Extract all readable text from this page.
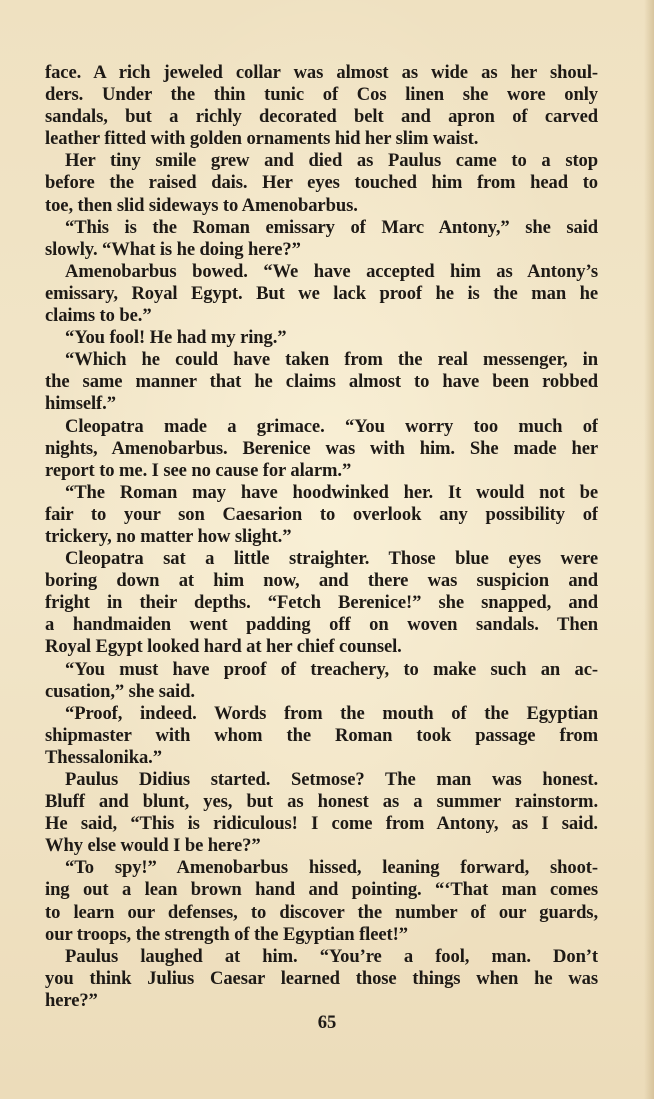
face. A rich jeweled collar was almost as wide as her shoul-
ders. Under the thin tunic of Cos linen she wore only
sandals, but a richly decorated belt and apron of carved
leather fitted with golden ornaments hid her slim waist.
Her tiny smile grew and died as Paulus came to a stop
before the raised dais. Her eyes touched him from head to
toe, then slid sideways to Amenobarbus.
“This is the Roman emissary of Marc Antony,” she said
slowly. “What is he doing here?”
Amenobarbus bowed. “We have accepted him as Antony’s
emissary, Royal Egypt. But we lack proof he is the man he
claims to be.”
“You fool! He had my ring.”
“Which he could have taken from the real messenger, in
the same manner that he claims almost to have been robbed
himself.”
Cleopatra made a grimace. “You worry too much of
nights, Amenobarbus. Berenice was with him. She made her
report to me. I see no cause for alarm.”
“The Roman may have hoodwinked her. It would not be
fair to your son Caesarion to overlook any possibility of
trickery, no matter how slight.”
Cleopatra sat a little straighter. Those blue eyes were
boring down at him now, and there was suspicion and
fright in their depths. “Fetch Berenice!” she snapped, and
a handmaiden went padding off on woven sandals. Then
Royal Egypt looked hard at her chief counsel.
“You must have proof of treachery, to make such an ac-
cusation,” she said.
“Proof, indeed. Words from the mouth of the Egyptian
shipmaster with whom the Roman took passage from
Thessalonika.”
Paulus Didius started. Setmose? The man was honest.
Bluff and blunt, yes, but as honest as a summer rainstorm.
He said, “This is ridiculous! I come from Antony, as I said.
Why else would I be here?”
“To spy!” Amenobarbus hissed, leaning forward, shoot-
ing out a lean brown hand and pointing. “‘That man comes
to learn our defenses, to discover the number of our guards,
our troops, the strength of the Egyptian fleet!”
Paulus laughed at him. “You’re a fool, man. Don’t
you think Julius Caesar learned those things when he was
here?”
65
